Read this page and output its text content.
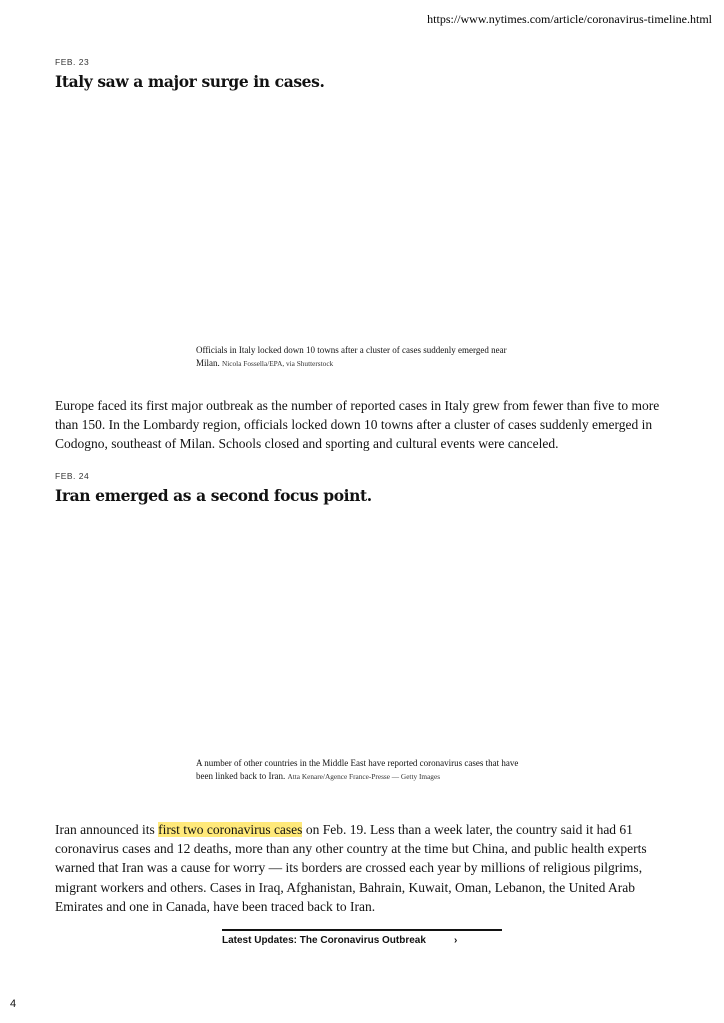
https://www.nytimes.com/article/coronavirus-timeline.html
FEB. 23
Italy saw a major surge in cases.
Officials in Italy locked down 10 towns after a cluster of cases suddenly emerged near Milan. Nicola Fossella/EPA, via Shutterstock

Europe faced its first major outbreak as the number of reported cases in Italy grew from fewer than five to more than 150. In the Lombardy region, officials locked down 10 towns after a cluster of cases suddenly emerged in Codogno, southeast of Milan. Schools closed and sporting and cultural events were canceled.

FEB. 24
Iran emerged as a second focus point.
A number of other countries in the Middle East have reported coronavirus cases that have been linked back to Iran. Atta Kenare/Agence France-Presse — Getty Images

Iran announced its first two coronavirus cases on Feb. 19. Less than a week later, the country said it had 61 coronavirus cases and 12 deaths, more than any other country at the time but China, and public health experts warned that Iran was a cause for worry — its borders are crossed each year by millions of religious pilgrims, migrant workers and others. Cases in Iraq, Afghanistan, Bahrain, Kuwait, Oman, Lebanon, the United Arab Emirates and one in Canada, have been traced back to Iran.

Latest Updates: The Coronavirus Outbreak	›
4
